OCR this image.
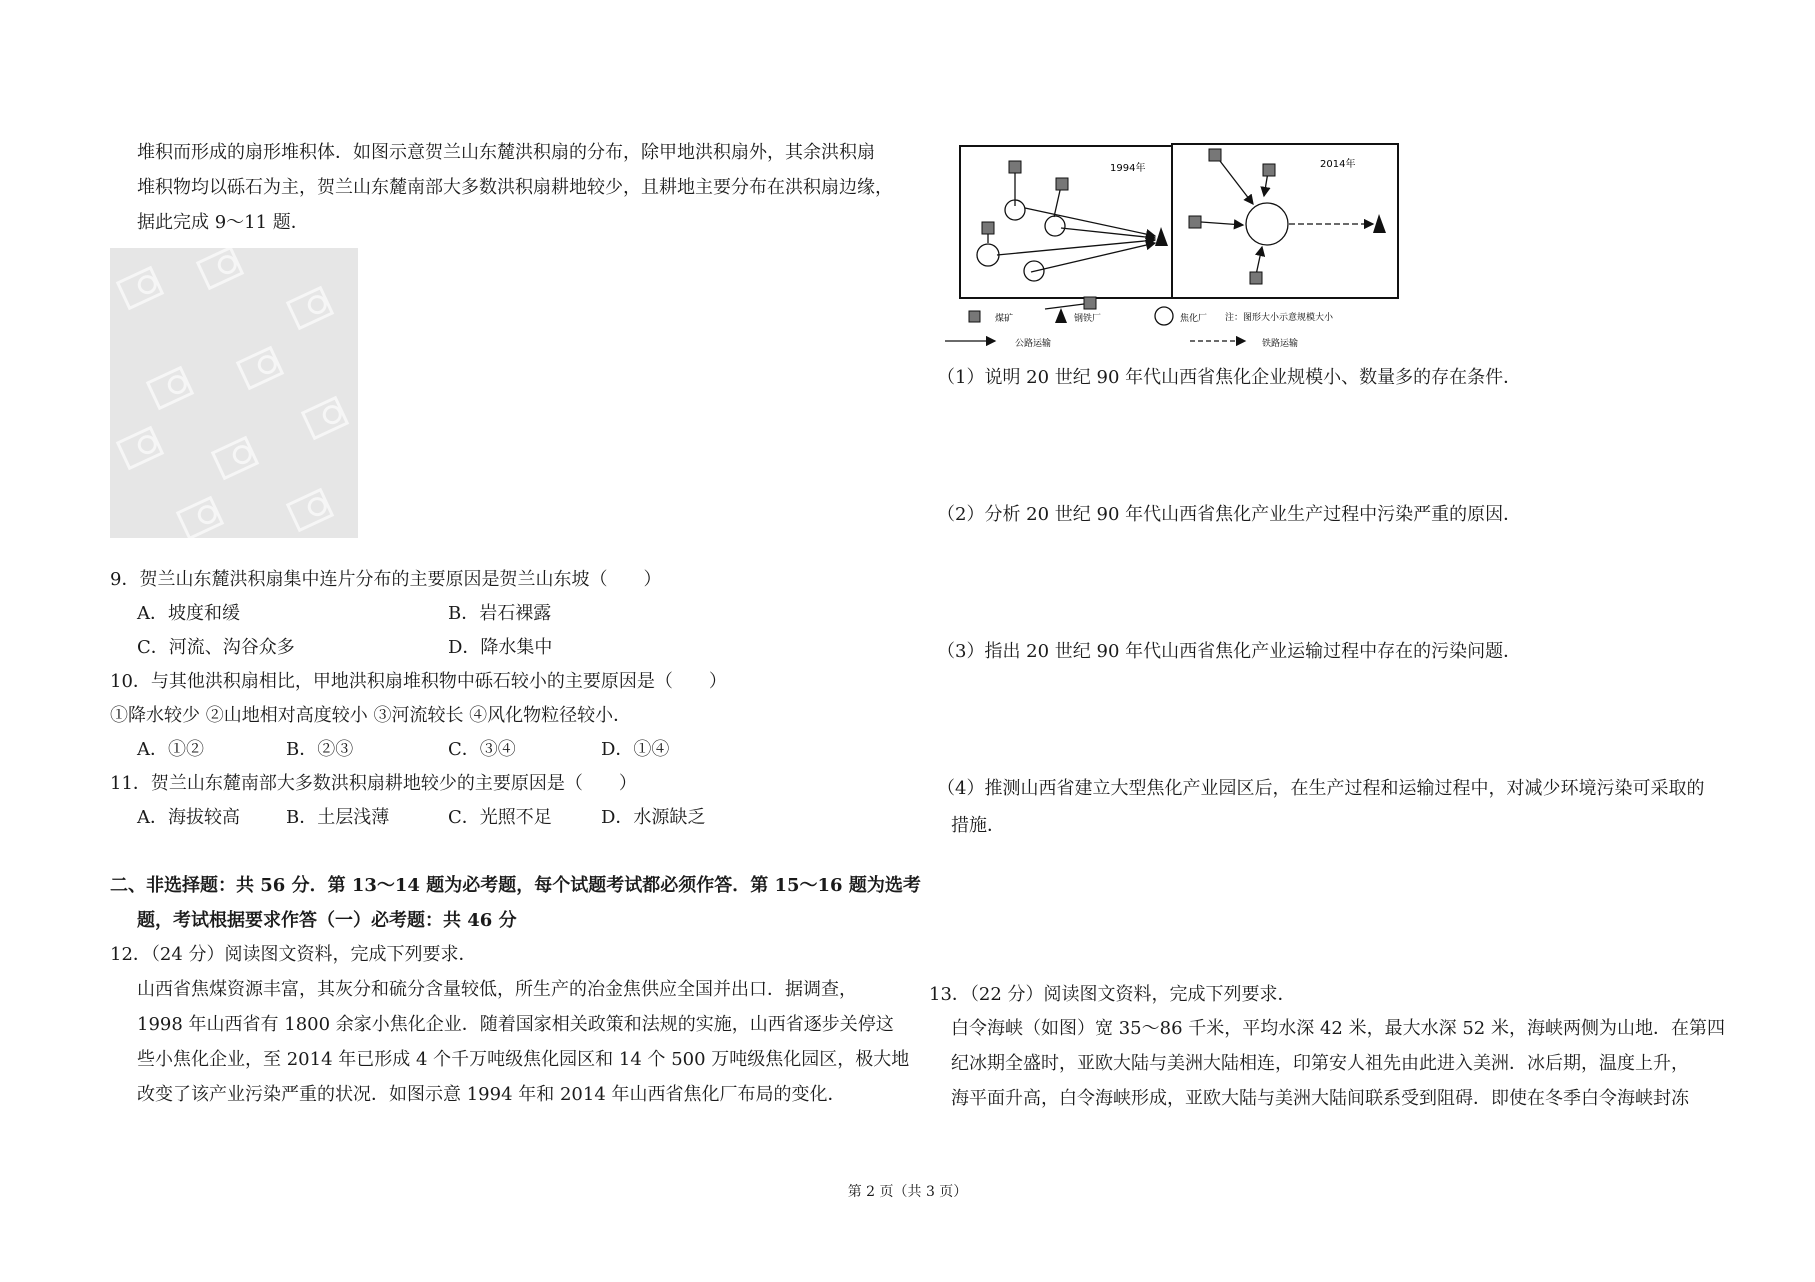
堆积而形成的扇形堆积体．如图示意贺兰山东麓洪积扇的分布，除甲地洪积扇外，其余洪积扇
堆积物均以砾石为主，贺兰山东麓南部大多数洪积扇耕地较少，且耕地主要分布在洪积扇边缘，
据此完成 9～11 题．
9．贺兰山东麓洪积扇集中连片分布的主要原因是贺兰山东坡（　　）
A．坡度和缓	B．岩石裸露
C．河流、沟谷众多	D．降水集中
10．与其他洪积扇相比，甲地洪积扇堆积物中砾石较小的主要原因是（　　）
①降水较少 ②山地相对高度较小 ③河流较长 ④风化物粒径较小．
A．①②	B．②③	C．③④	D．①④
11．贺兰山东麓南部大多数洪积扇耕地较少的主要原因是（　　）
A．海拔较高	B．土层浅薄	C．光照不足	D．水源缺乏
二、非选择题：共 56 分．第 13～14 题为必考题，每个试题考试都必须作答．第 15～16 题为选考
题，考试根据要求作答（一）必考题：共 46 分
12．（24 分）阅读图文资料，完成下列要求．
山西省焦煤资源丰富，其灰分和硫分含量较低，所生产的冶金焦供应全国并出口．据调查，
1998 年山西省有 1800 余家小焦化企业．随着国家相关政策和法规的实施，山西省逐步关停这
些小焦化企业，至 2014 年已形成 4 个千万吨级焦化园区和 14 个 500 万吨级焦化园区，极大地
改变了该产业污染严重的状况．如图示意 1994 年和 2014 年山西省焦化厂布局的变化．
1994年	2014年
煤矿	钢铁厂	焦化厂 注：图形大小示意规模大小
公路运输	铁路运输
（1）说明 20 世纪 90 年代山西省焦化企业规模小、数量多的存在条件．
（2）分析 20 世纪 90 年代山西省焦化产业生产过程中污染严重的原因．
（3）指出 20 世纪 90 年代山西省焦化产业运输过程中存在的污染问题．
（4）推测山西省建立大型焦化产业园区后，在生产过程和运输过程中，对减少环境污染可采取的
措施．
13．（22 分）阅读图文资料，完成下列要求．
白令海峡（如图）宽 35～86 千米，平均水深 42 米，最大水深 52 米，海峡两侧为山地．在第四
纪冰期全盛时，亚欧大陆与美洲大陆相连，印第安人祖先由此进入美洲．冰后期，温度上升，
海平面升高，白令海峡形成，亚欧大陆与美洲大陆间联系受到阻碍．即使在冬季白令海峡封冻
第 2 页（共 3 页）
